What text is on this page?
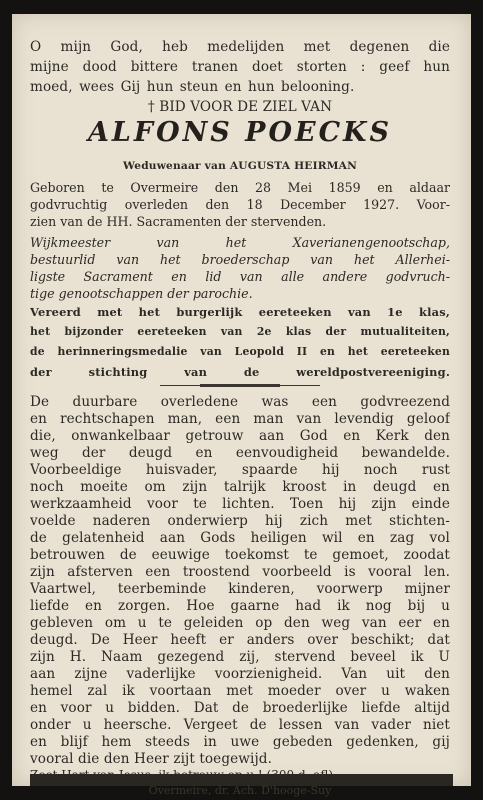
O mijn God, heb medelijden met degenen die
mijne dood bittere tranen doet storten : geef hun
moed, wees Gij hun steun en hun belooning.
† BID VOOR DE ZIEL VAN
ALFONS POECKS
Weduwenaar van AUGUSTA HEIRMAN
Geboren te Overmeire den 28 Mei 1859 en aldaar
godvruchtig overleden den 18 December 1927. Voor-
zien van de HH. Sacramenten der stervenden.
Wijkmeester van het Xaverianengenootschap,
bestuurlid van het broederschap van het Allerhei-
ligste Sacrament en lid van alle andere godvruch-
tige genootschappen der parochie.
Vereerd met het burgerlijk eereteeken van 1e klas,
het bijzonder eereteeken van 2e klas der mutualiteiten,
de herinneringsmedalie van Leopold II en het eereteeken
der stichting van de wereldpostvereeniging.
De duurbare overledene was een godvreezend
en rechtschapen man, een man van levendig geloof
die, onwankelbaar getrouw aan God en Kerk den
weg der deugd en eenvoudigheid bewandelde.
Voorbeeldige huisvader, spaarde hij noch rust
noch moeite om zijn talrijk kroost in deugd en
werkzaamheid voor te lichten. Toen hij zijn einde
voelde naderen onderwierp hij zich met stichten-
de gelatenheid aan Gods heiligen wil en zag vol
betrouwen de eeuwige toekomst te gemoet, zoodat
zijn afsterven een troostend voorbeeld is vooral len.
Vaartwel, teerbeminde kinderen, voorwerp mijner
liefde en zorgen. Hoe gaarne had ik nog bij u
gebleven om u te geleiden op den weg van eer en
deugd. De Heer heeft er anders over beschikt; dat
zijn H. Naam gezegend zij, stervend beveel ik U
aan zijne vaderlijke voorzienigheid. Van uit den
hemel zal ik voortaan met moeder over u waken
en voor u bidden. Dat de broederlijke liefde altijd
onder u heersche. Vergeet de lessen van vader niet
en blijf hem steeds in uwe gebeden gedenken, gij
vooral die den Heer zijt toegewijd.
Zoet Hart van Jesus, ik betrouw op u ! (300 d. afl)
Overmeire, dr. Ach. D'hooge-Suy
